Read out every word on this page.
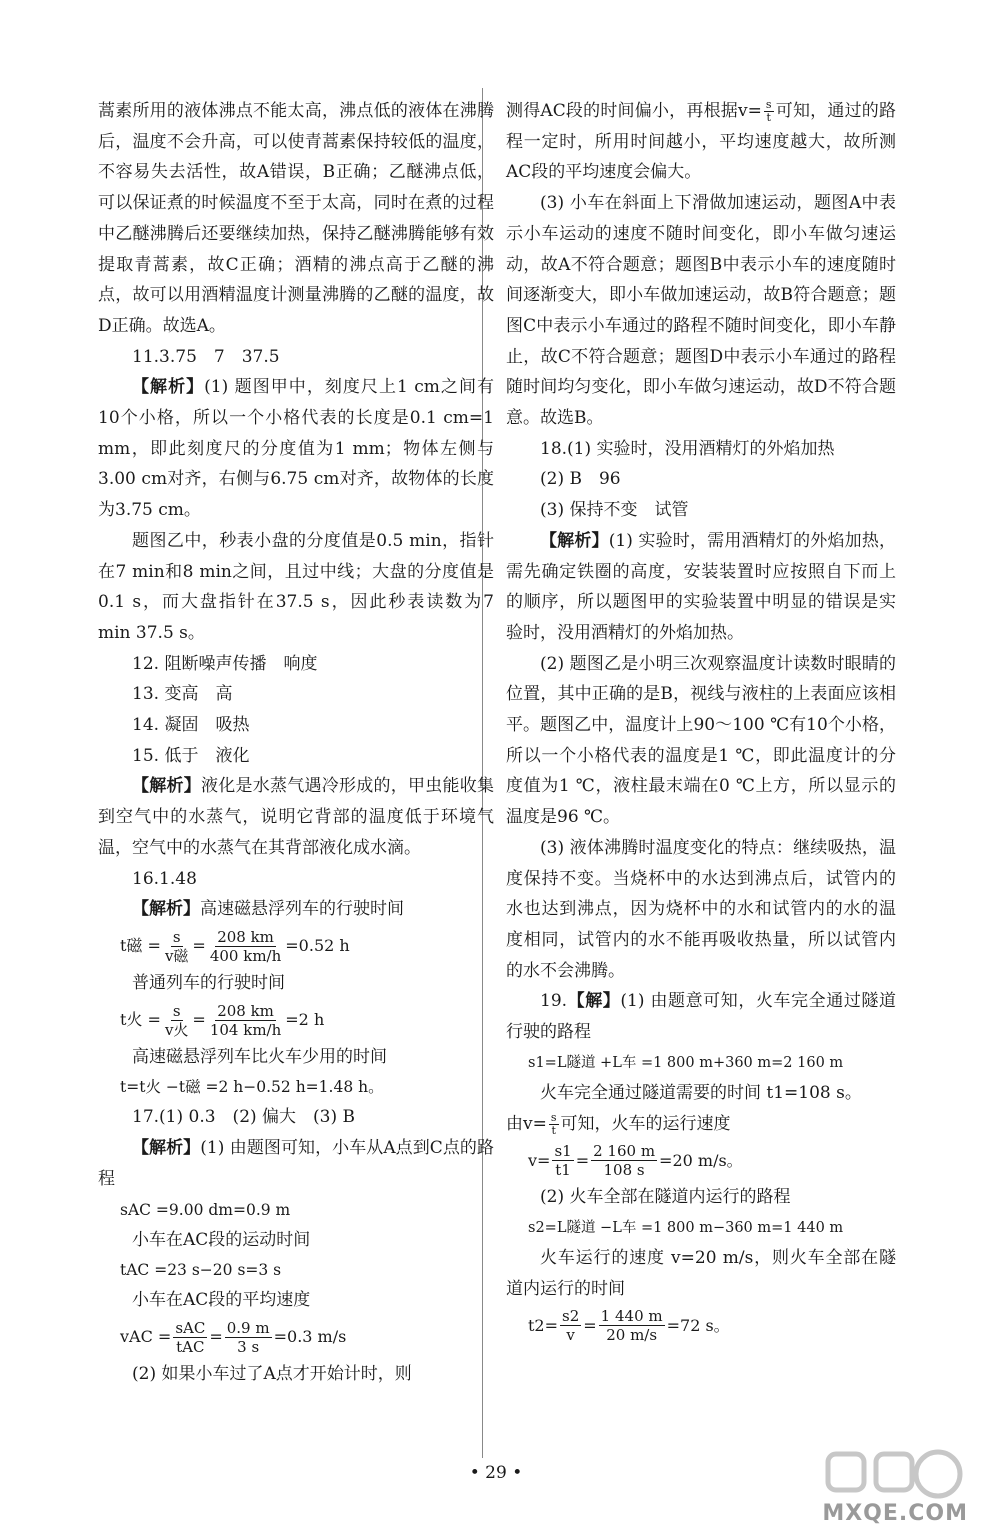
蒿素所用的液体沸点不能太高，沸点低的液体在沸腾后，温度不会升高，可以使青蒿素保持较低的温度，不容易失去活性，故A错误，B正确；乙醚沸点低，可以保证煮的时候温度不至于太高，同时在煮的过程中乙醚沸腾后还要继续加热，保持乙醚沸腾能够有效提取青蒿素，故C正确；酒精的沸点高于乙醚的沸点，故可以用酒精温度计测量沸腾的乙醚的温度，故D正确。故选A。

11.3.75　7　37.5

【解析】(1) 题图甲中，刻度尺上1 cm之间有10个小格，所以一个小格代表的长度是0.1 cm=1 mm，即此刻度尺的分度值为1 mm；物体左侧与3.00 cm对齐，右侧与6.75 cm对齐，故物体的长度为3.75 cm。

题图乙中，秒表小盘的分度值是0.5 min，指针在7 min和8 min之间，且过中线；大盘的分度值是0.1 s，而大盘指针在37.5 s，因此秒表读数为7 min 37.5 s。

12. 阻断噪声传播　响度

13. 变高　高

14. 凝固　吸热

15. 低于　液化

【解析】液化是水蒸气遇冷形成的，甲虫能收集到空气中的水蒸气，说明它背部的温度低于环境气温，空气中的水蒸气在其背部液化成水滴。

16.1.48

【解析】高速磁悬浮列车的行驶时间

t磁 = $\frac{s}{\text{v磁}} = \frac{208 km}{400 km/h} =0.52$ h

普通列车的行驶时间

t火 = $\frac{s}{\text{v火}} = \frac{208 km}{104 km/h} =2$ h

高速磁悬浮列车比火车少用的时间

t=t火 −t磁 =2 h−0.52 h=1.48 h。

17.(1) 0.3　(2) 偏大　(3) B

【解析】(1) 由题图可知，小车从A点到C点的路程

sAC =9.00 dm=0.9 m

小车在AC段的运动时间

tAC =23 s−20 s=3 s

小车在AC段的平均速度

vAC = $\frac{\text{sAC}}{\text{tAC}} = \frac{0.9 m}{3 s} =0.3$ m/s

(2) 如果小车过了A点才开始计时，则

测得AC段的时间偏小，再根据$v= \frac{s}{t}$ 可知，通过的路程一定时，所用时间越小，平均速度越大，故所测AC段的平均速度会偏大。

(3) 小车在斜面上下滑做加速运动，题图A中表示小车运动的速度不随时间变化，即小车做匀速运动，故A不符合题意；题图B中表示小车的速度随时间逐渐变大，即小车做加速运动，故B符合题意；题图C中表示小车通过的路程不随时间变化，即小车静止，故C不符合题意；题图D中表示小车通过的路程随时间均匀变化，即小车做匀速运动，故D不符合题意。故选B。

18.(1) 实验时，没用酒精灯的外焰加热

(2) B　96

(3) 保持不变　试管

【解析】(1) 实验时，需用酒精灯的外焰加热，需先确定铁圈的高度，安装装置时应按照自下而上的顺序，所以题图甲的实验装置中明显的错误是实验时，没用酒精灯的外焰加热。

(2) 题图乙是小明三次观察温度计读数时眼睛的位置，其中正确的是B，视线与液柱的上表面应该相平。题图乙中，温度计上90～100 ℃有10个小格，所以一个小格代表的温度是1 ℃，即此温度计的分度值为1 ℃，液柱最末端在0 ℃上方，所以显示的温度是96 ℃。

(3) 液体沸腾时温度变化的特点：继续吸热，温度保持不变。当烧杯中的水达到沸点后，试管内的水也达到沸点，因为烧杯中的水和试管内的水的温度相同，试管内的水不能再吸收热量，所以试管内的水不会沸腾。

19.【解】(1) 由题意可知，火车完全通过隧道行驶的路程

s1=L隧道 +L车 =1 800 m+360 m=2 160 m

火车完全通过隧道需要的时间 t1=108 s。

由$v= \frac{s}{t}$ 可知，火车的运行速度

$v= \frac{s1}{t1} = \frac{2 160 m}{108 s} =20$ m/s。

(2) 火车全部在隧道内运行的路程

s2=L隧道 −L车 =1 800 m−360 m=1 440 m

火车运行的速度 v=20 m/s，则火车全部在隧道内运行的时间

$t2= \frac{s2}{v} = \frac{1 440 m}{20 m/s} =72$ s。
• 29 •
MXQE.COM
